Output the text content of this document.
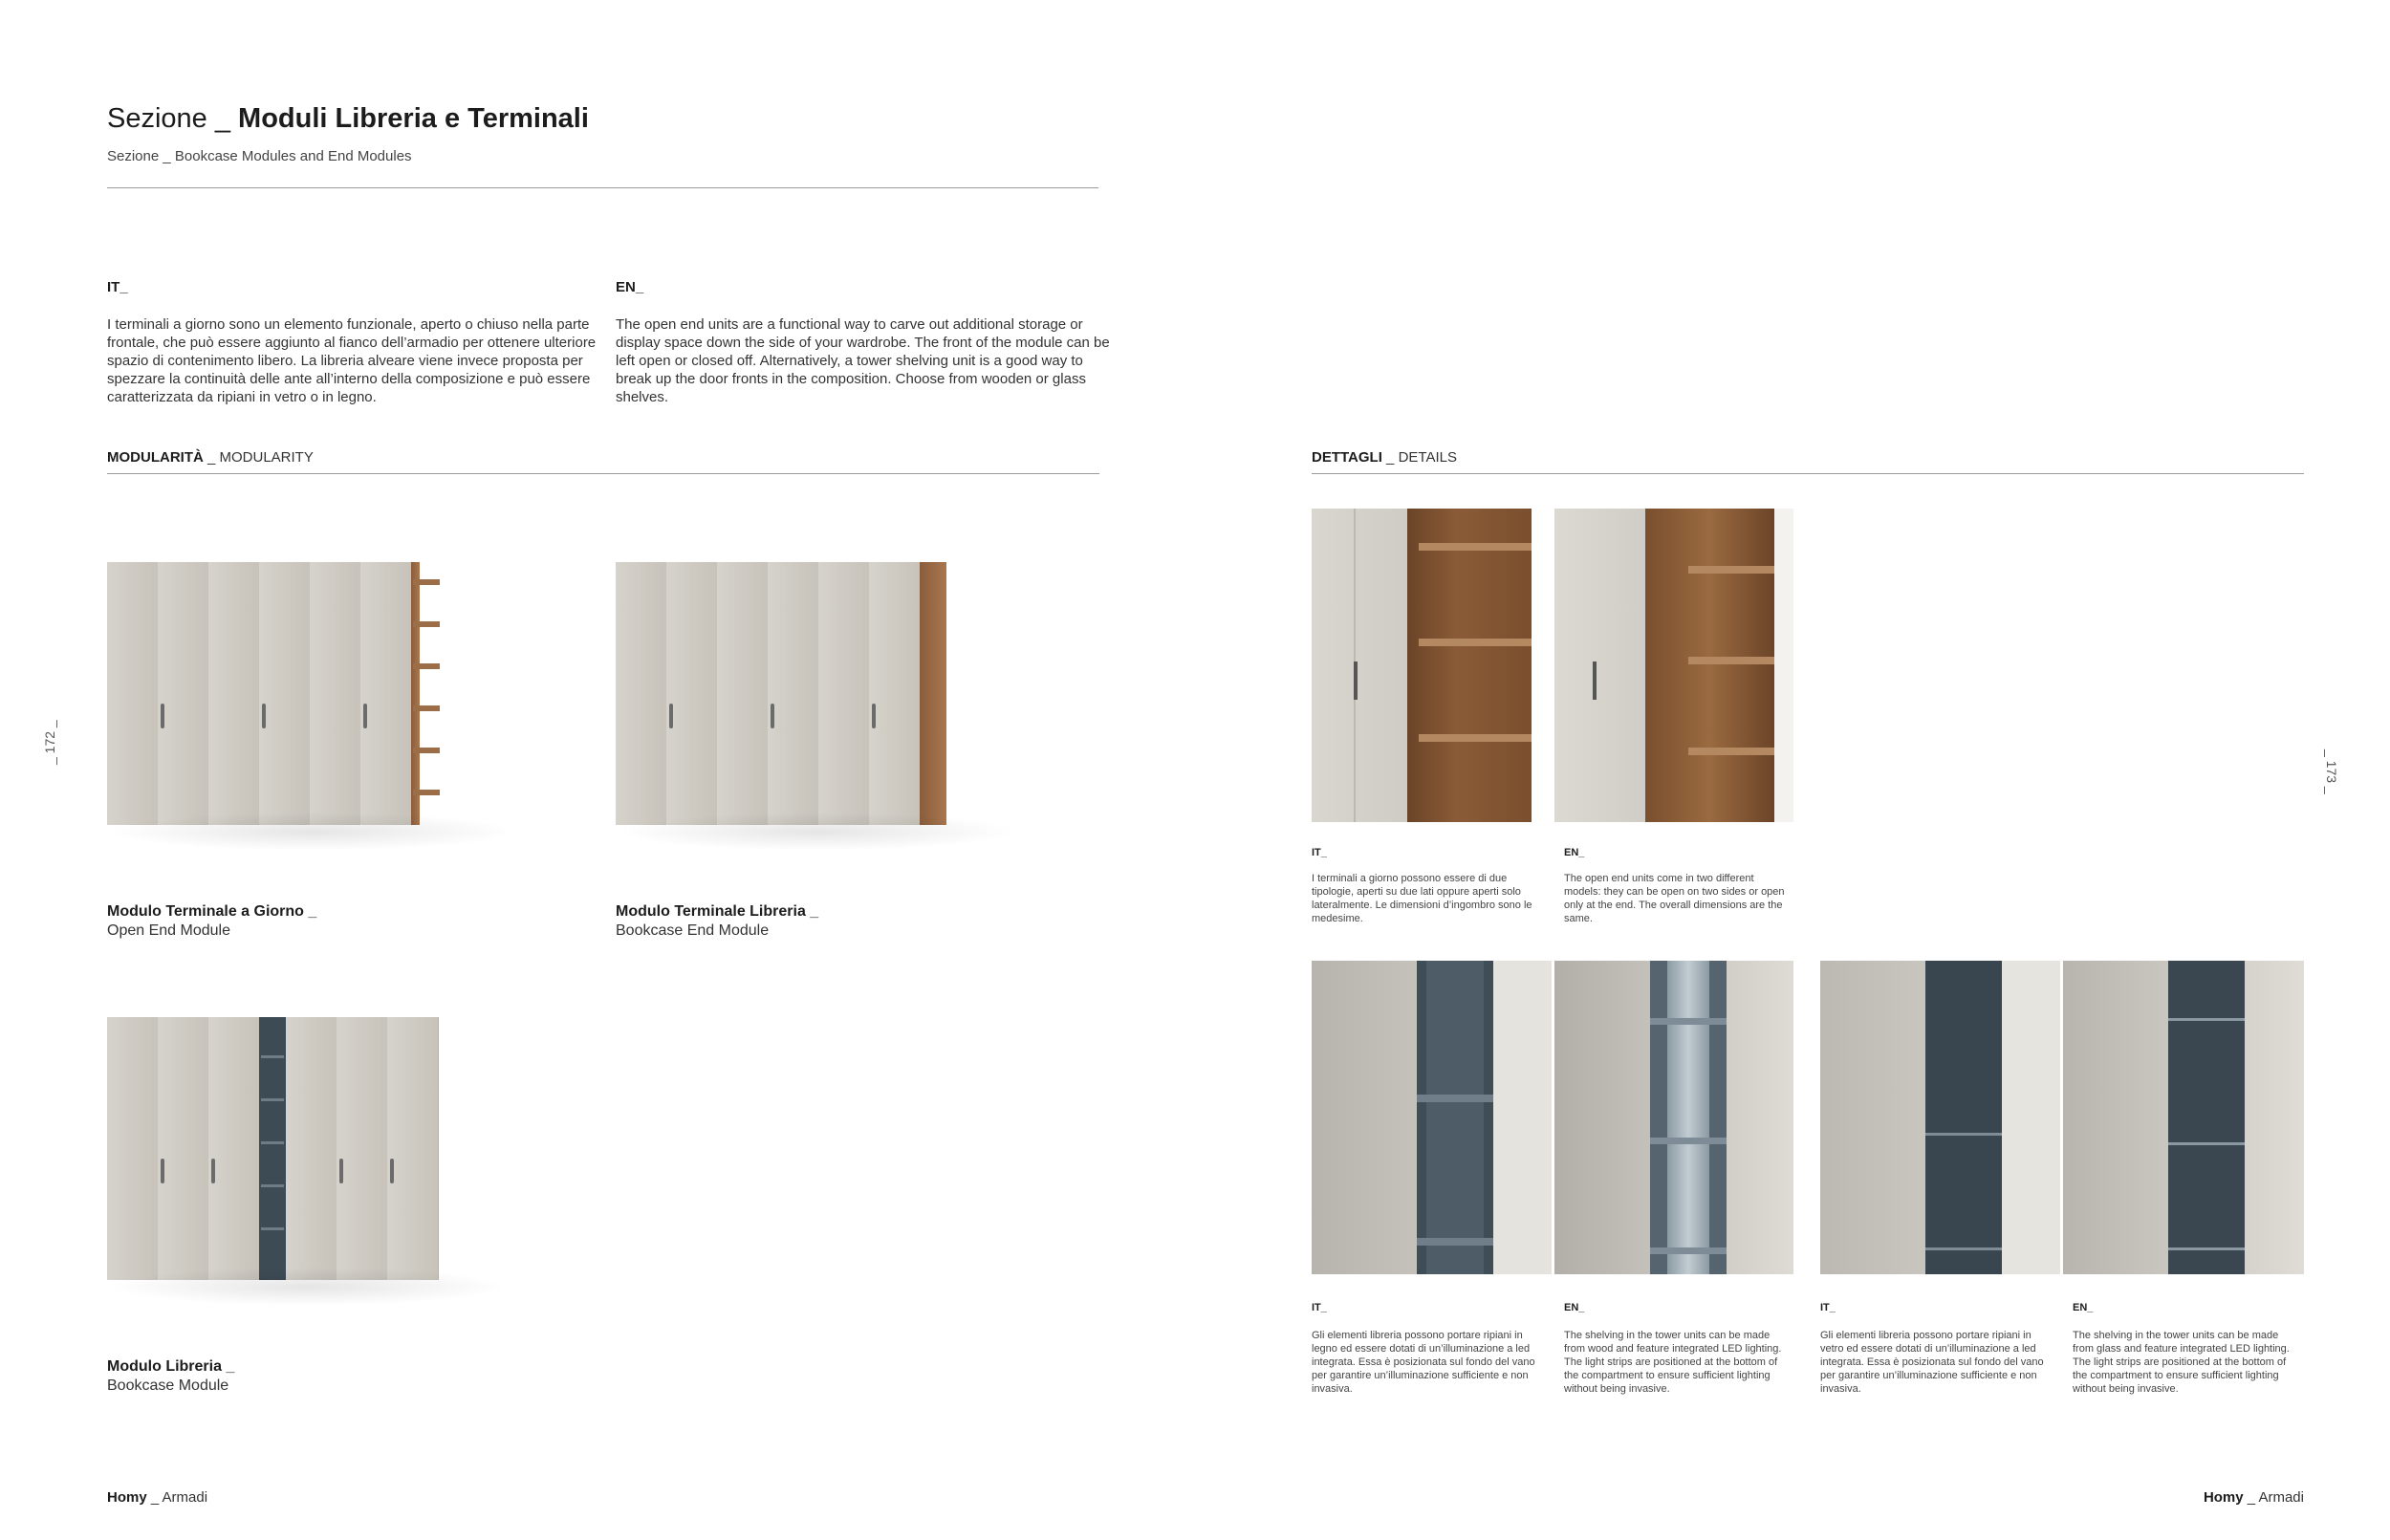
Sezione _ Moduli Libreria e Terminali
Sezione _ Bookcase Modules and End Modules
IT_
I terminali a giorno sono un elemento funzionale, aperto o chiuso nella parte frontale, che può essere aggiunto al fianco dell’armadio per ottenere ulteriore spazio di contenimento libero. La libreria alveare viene invece proposta per spezzare la continuità delle ante all’interno della composizione e può essere caratterizzata da ripiani in vetro o in legno.
EN_
The open end units are a functional way to carve out additional storage or display space down the side of your wardrobe. The front of the module can be left open or closed off. Alternatively, a tower shelving unit is a good way to break up the door fronts in the composition. Choose from wooden or glass shelves.
MODULARITÀ _ MODULARITY
Modulo Terminale a Giorno _
Open End Module
Modulo Terminale Libreria _
Bookcase End Module
Modulo Libreria _
Bookcase Module
_ 172 _
Homy _ Armadi
DETTAGLI _ DETAILS
IT_
I terminali a giorno possono essere di due tipologie, aperti su due lati oppure aperti solo lateralmente. Le dimensioni d’ingombro sono le medesime.
EN_
The open end units come in two different models: they can be open on two sides or open only at the end. The overall dimensions are the same.
IT_
Gli elementi libreria possono portare ripiani in legno ed essere dotati di un’illuminazione a led integrata. Essa è posizionata sul fondo del vano per garantire un’illuminazione sufficiente e non invasiva.
EN_
The shelving in the tower units can be made from wood and feature integrated LED lighting. The light strips are positioned at the bottom of the compartment to ensure sufficient lighting without being invasive.
IT_
Gli elementi libreria possono portare ripiani in vetro ed essere dotati di un’illuminazione a led integrata. Essa è posizionata sul fondo del vano per garantire un’illuminazione sufficiente e non invasiva.
EN_
The shelving in the tower units can be made from glass and feature integrated LED lighting. The light strips are positioned at the bottom of the compartment to ensure sufficient lighting without being invasive.
_ 173 _
Homy _ Armadi
